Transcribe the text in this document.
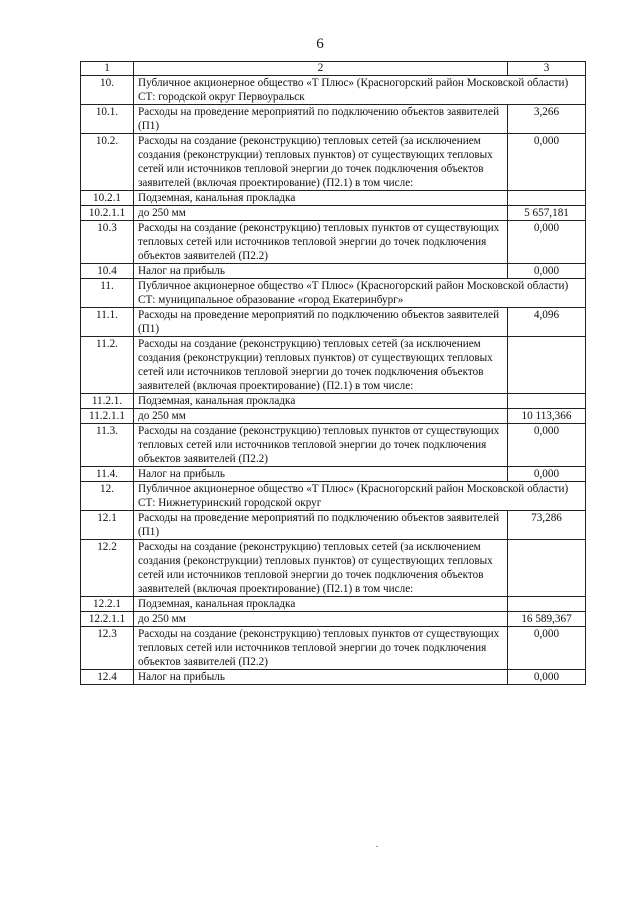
6
1	2	3
10.	Публичное акционерное общество «Т Плюс» (Красногорский район Московской области) СТ: городской округ Первоуральск	
10.1.	Расходы на проведение мероприятий по подключению объектов заявителей (П1)	3,266
10.2.	Расходы на создание (реконструкцию) тепловых сетей (за исключением создания (реконструкции) тепловых пунктов) от существующих тепловых сетей или источников тепловой энергии до точек подключения объектов заявителей (включая проектирование) (П2.1) в том числе:	0,000
10.2.1	Подземная, канальная прокладка	
10.2.1.1	до 250 мм	5 657,181
10.3	Расходы на создание (реконструкцию) тепловых пунктов от существующих тепловых сетей или источников тепловой энергии до точек подключения объектов заявителей (П2.2)	0,000
10.4	Налог на прибыль	0,000
11.	Публичное акционерное общество «Т Плюс» (Красногорский район Московской области) СТ: муниципальное образование «город Екатеринбург»	
11.1.	Расходы на проведение мероприятий по подключению объектов заявителей (П1)	4,096
11.2.	Расходы на создание (реконструкцию) тепловых сетей (за исключением создания (реконструкции) тепловых пунктов) от существующих тепловых сетей или источников тепловой энергии до точек подключения объектов заявителей (включая проектирование) (П2.1) в том числе:	
11.2.1.	Подземная, канальная прокладка	
11.2.1.1	до 250 мм	10 113,366
11.3.	Расходы на создание (реконструкцию) тепловых пунктов от существующих тепловых сетей или источников тепловой энергии до точек подключения объектов заявителей (П2.2)	0,000
11.4.	Налог на прибыль	0,000
12.	Публичное акционерное общество «Т Плюс» (Красногорский район Московской области) СТ: Нижнетуринский городской округ	
12.1	Расходы на проведение мероприятий по подключению объектов заявителей (П1)	73,286
12.2	Расходы на создание (реконструкцию) тепловых сетей (за исключением создания (реконструкции) тепловых пунктов) от существующих тепловых сетей или источников тепловой энергии до точек подключения объектов заявителей (включая проектирование) (П2.1) в том числе:	
12.2.1	Подземная, канальная прокладка	
12.2.1.1	до 250 мм	16 589,367
12.3	Расходы на создание (реконструкцию) тепловых пунктов от существующих тепловых сетей или источников тепловой энергии до точек подключения объектов заявителей (П2.2)	0,000
12.4	Налог на прибыль	0,000
